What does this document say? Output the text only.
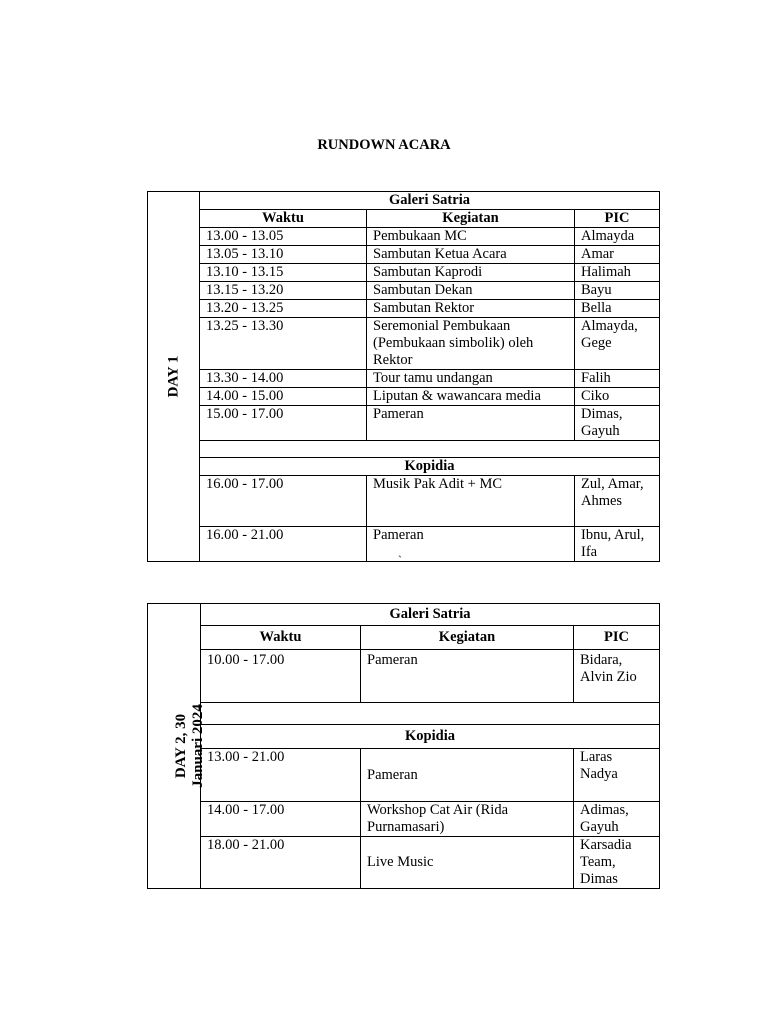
RUNDOWN ACARA
DAY 1	Galeri Satria		
	Waktu	Kegiatan	PIC
	13.00 - 13.05	Pembukaan MC	Almayda
	13.05 - 13.10	Sambutan Ketua Acara	Amar
	13.10 - 13.15	Sambutan Kaprodi	Halimah
	13.15 - 13.20	Sambutan Dekan	Bayu
	13.20 - 13.25	Sambutan Rektor	Bella
	13.25 - 13.30	Seremonial Pembukaan (Pembukaan simbolik) oleh Rektor	Almayda, Gege
	13.30 - 14.00	Tour tamu undangan	Falih
	14.00 - 15.00	Liputan & wawancara media	Ciko
	15.00 - 17.00	Pameran	Dimas, Gayuh

	Kopidia		
	16.00 - 17.00	Musik Pak Adit + MC	Zul, Amar, Ahmes
	16.00 - 21.00	Pameran	Ibnu, Arul, Ifa
`
DAY 2, 30 Januari 2024	Galeri Satria		
	Waktu	Kegiatan	PIC
	10.00 - 17.00	Pameran	Bidara, Alvin Zio

	Kopidia		
	13.00 - 21.00	Pameran	Laras Nadya
	14.00 - 17.00	Workshop Cat Air (Rida Purnamasari)	Adimas, Gayuh
	18.00 - 21.00	Live Music	Karsadia Team, Dimas
